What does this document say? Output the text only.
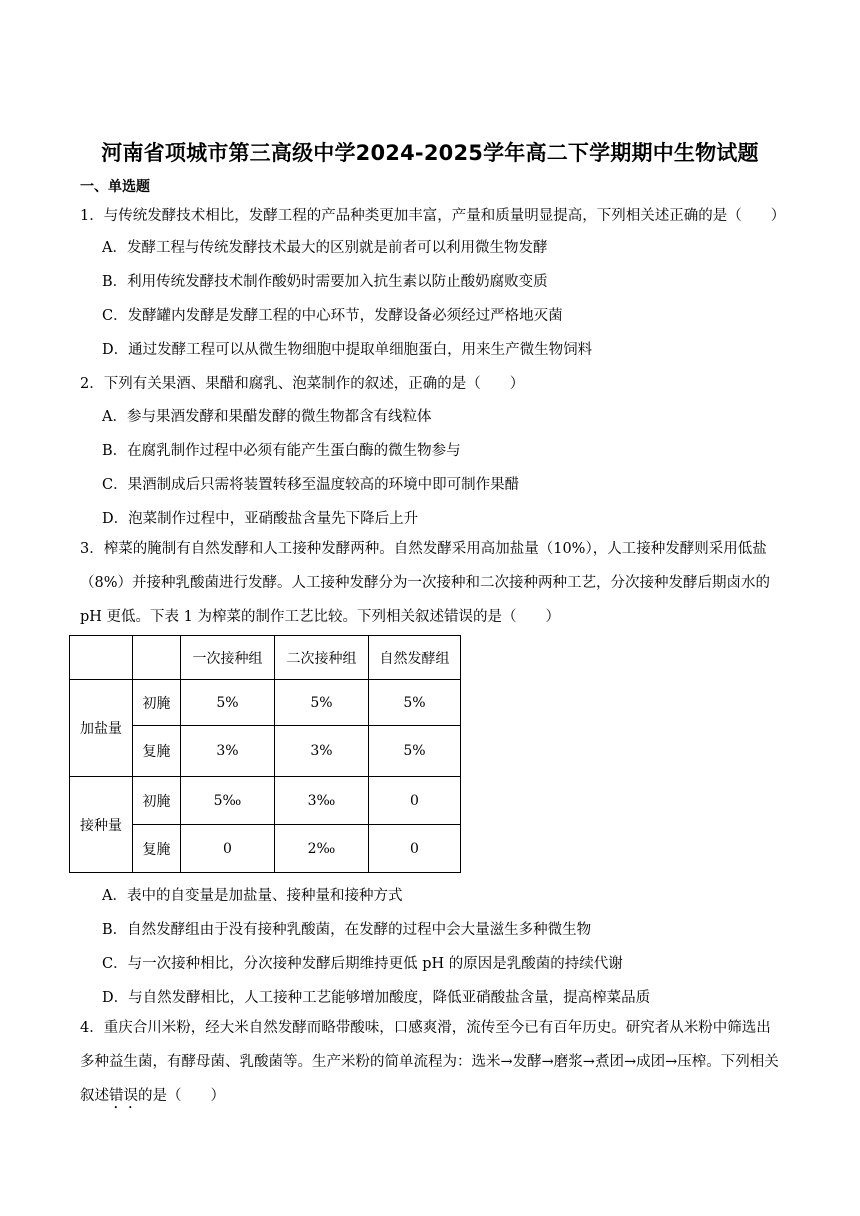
河南省项城市第三高级中学2024-2025学年高二下学期期中生物试题
一、单选题
1．与传统发酵技术相比，发酵工程的产品种类更加丰富，产量和质量明显提高，下列相关述正确的是（　　）
A．发酵工程与传统发酵技术最大的区别就是前者可以利用微生物发酵
B．利用传统发酵技术制作酸奶时需要加入抗生素以防止酸奶腐败变质
C．发酵罐内发酵是发酵工程的中心环节，发酵设备必须经过严格地灭菌
D．通过发酵工程可以从微生物细胞中提取单细胞蛋白，用来生产微生物饲料
2．下列有关果酒、果醋和腐乳、泡菜制作的叙述，正确的是（　　）
A．参与果酒发酵和果醋发酵的微生物都含有线粒体
B．在腐乳制作过程中必须有能产生蛋白酶的微生物参与
C．果酒制成后只需将装置转移至温度较高的环境中即可制作果醋
D．泡菜制作过程中，亚硝酸盐含量先下降后上升
3．榨菜的腌制有自然发酵和人工接种发酵两种。自然发酵采用高加盐量（10%），人工接种发酵则采用低盐（8%）并接种乳酸菌进行发酵。人工接种发酵分为一次接种和二次接种两种工艺，分次接种发酵后期卤水的 pH 更低。下表 1 为榨菜的制作工艺比较。下列相关叙述错误的是（　　）
		一次接种组	二次接种组	自然发酵组
加盐量	初腌	5%	5%	5%
	复腌	3%	3%	5%
接种量	初腌	5‰	3‰	0
	复腌	0	2‰	0
A．表中的自变量是加盐量、接种量和接种方式
B．自然发酵组由于没有接种乳酸菌，在发酵的过程中会大量滋生多种微生物
C．与一次接种相比，分次接种发酵后期维持更低 pH 的原因是乳酸菌的持续代谢
D．与自然发酵相比，人工接种工艺能够增加酸度，降低亚硝酸盐含量，提高榨菜品质
4．重庆合川米粉，经大米自然发酵而略带酸味，口感爽滑，流传至今已有百年历史。研究者从米粉中筛选出多种益生菌，有酵母菌、乳酸菌等。生产米粉的简单流程为：选米→发酵→磨浆→煮团→成团→压榨。下列相关叙述错误的是（　　）
